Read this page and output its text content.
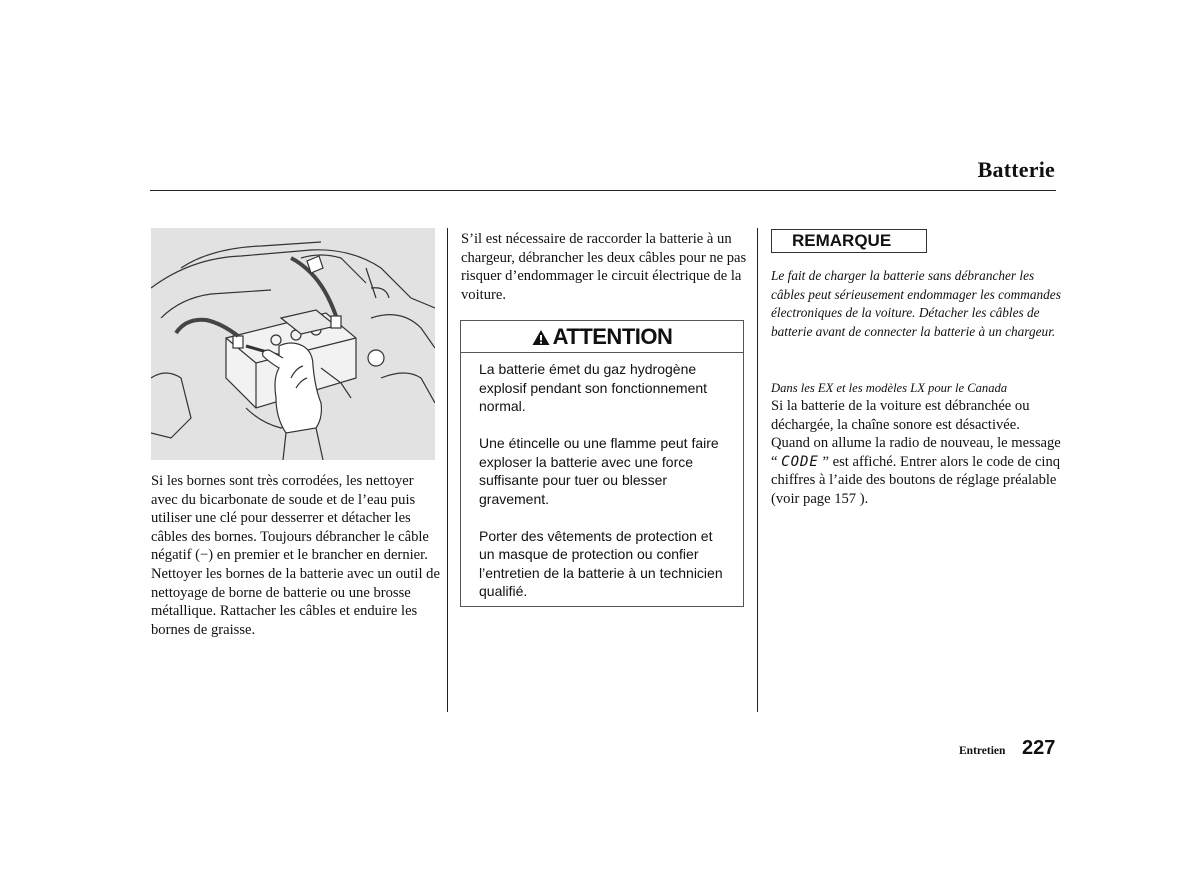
Batterie
Si les bornes sont très corrodées, les nettoyer avec du bicarbonate de soude et de l’eau puis utiliser une clé pour desserrer et détacher les câbles des bornes. Toujours débrancher le câble négatif (−) en premier et le brancher en dernier. Nettoyer les bornes de la batterie avec un outil de nettoyage de borne de batterie ou une brosse métallique. Rattacher les câbles et enduire les bornes de graisse.
S’il est nécessaire de raccorder la batterie à un chargeur, débrancher les deux câbles pour ne pas risquer d’endommager le circuit électrique de la voiture.
ATTENTION

La batterie émet du gaz hydrogène explosif pendant son fonctionnement normal.

Une étincelle ou une flamme peut faire exploser la batterie avec une force suffisante pour tuer ou blesser gravement.

Porter des vêtements de protection et un masque de protection ou confier l’entretien de la batterie à un technicien qualifié.

REMARQUE
Le fait de charger la batterie sans débrancher les câbles peut sérieusement endommager les commandes électroniques de la voiture. Détacher les câbles de batterie avant de connecter la batterie à un chargeur.
Dans les EX et les modèles LX pour le Canada
Si la batterie de la voiture est débranchée ou déchargée, la chaîne sonore est désactivée. Quand on allume la radio de nouveau, le message “ CODE ” est affiché. Entrer alors le code de cinq chiffres à l’aide des boutons de réglage préalable (voir page 157 ).
Entretien 227
